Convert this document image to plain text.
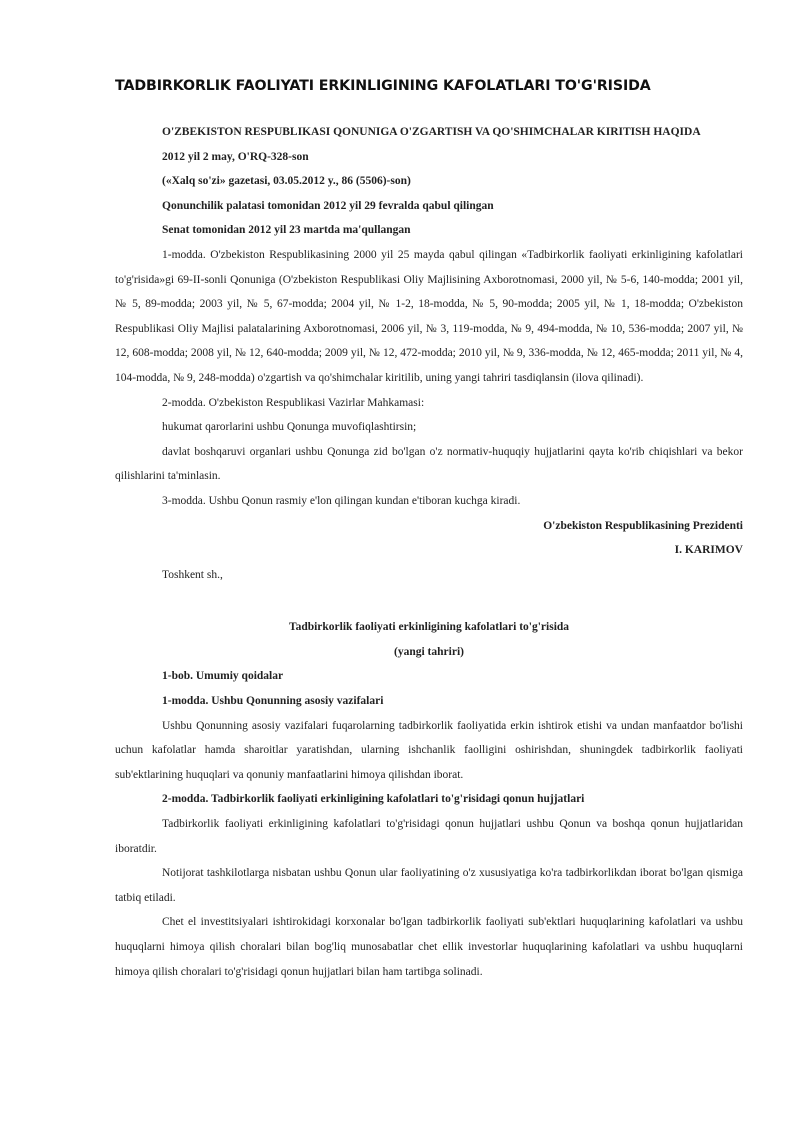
TADBIRKORLIK FAOLIYATI ERKINLIGINING KAFOLATLARI TO'G'RISIDA

O'ZBEKISTON RESPUBLIKASI QONUNIGA O'ZGARTISH VA QO'SHIMCHALAR KIRITISH HAQIDA

2012 yil 2 may, O'RQ-328-son

(«Xalq so'zi» gazetasi, 03.05.2012 y., 86 (5506)-son)

Qonunchilik palatasi tomonidan 2012 yil 29 fevralda qabul qilingan

Senat tomonidan 2012 yil 23 martda ma'qullangan

1-modda. O'zbekiston Respublikasining 2000 yil 25 mayda qabul qilingan «Tadbirkorlik faoliyati erkinligining kafolatlari to'g'risida»gi 69-II-sonli Qonuniga (O'zbekiston Respublikasi Oliy Majlisining Axborotnomasi, 2000 yil, № 5-6, 140-modda; 2001 yil, № 5, 89-modda; 2003 yil, № 5, 67-modda; 2004 yil, № 1-2, 18-modda, № 5, 90-modda; 2005 yil, № 1, 18-modda; O'zbekiston Respublikasi Oliy Majlisi palatalarining Axborotnomasi, 2006 yil, № 3, 119-modda, № 9, 494-modda, № 10, 536-modda; 2007 yil, № 12, 608-modda; 2008 yil, № 12, 640-modda; 2009 yil, № 12, 472-modda; 2010 yil, № 9, 336-modda, № 12, 465-modda; 2011 yil, № 4, 104-modda, № 9, 248-modda) o'zgartish va qo'shimchalar kiritilib, uning yangi tahriri tasdiqlansin (ilova qilinadi).

2-modda. O'zbekiston Respublikasi Vazirlar Mahkamasi:

hukumat qarorlarini ushbu Qonunga muvofiqlashtirsin;

davlat boshqaruvi organlari ushbu Qonunga zid bo'lgan o'z normativ-huquqiy hujjatlarini qayta ko'rib chiqishlari va bekor qilishlarini ta'minlasin.

3-modda. Ushbu Qonun rasmiy e'lon qilingan kundan e'tiboran kuchga kiradi.

O'zbekiston Respublikasining Prezidenti

I. KARIMOV

Toshkent sh.,

Tadbirkorlik faoliyati erkinligining kafolatlari to'g'risida

(yangi tahriri)

1-bob. Umumiy qoidalar

1-modda. Ushbu Qonunning asosiy vazifalari

Ushbu Qonunning asosiy vazifalari fuqarolarning tadbirkorlik faoliyatida erkin ishtirok etishi va undan manfaatdor bo'lishi uchun kafolatlar hamda sharoitlar yaratishdan, ularning ishchanlik faolligini oshirishdan, shuningdek tadbirkorlik faoliyati sub'ektlarining huquqlari va qonuniy manfaatlarini himoya qilishdan iborat.

2-modda. Tadbirkorlik faoliyati erkinligining kafolatlari to'g'risidagi qonun hujjatlari

Tadbirkorlik faoliyati erkinligining kafolatlari to'g'risidagi qonun hujjatlari ushbu Qonun va boshqa qonun hujjatlaridan iboratdir.

Notijorat tashkilotlarga nisbatan ushbu Qonun ular faoliyatining o'z xususiyatiga ko'ra tadbirkorlikdan iborat bo'lgan qismiga tatbiq etiladi.

Chet el investitsiyalari ishtirokidagi korxonalar bo'lgan tadbirkorlik faoliyati sub'ektlari huquqlarining kafolatlari va ushbu huquqlarni himoya qilish choralari bilan bog'liq munosabatlar chet ellik investorlar huquqlarining kafolatlari va ushbu huquqlarni himoya qilish choralari to'g'risidagi qonun hujjatlari bilan ham tartibga solinadi.
